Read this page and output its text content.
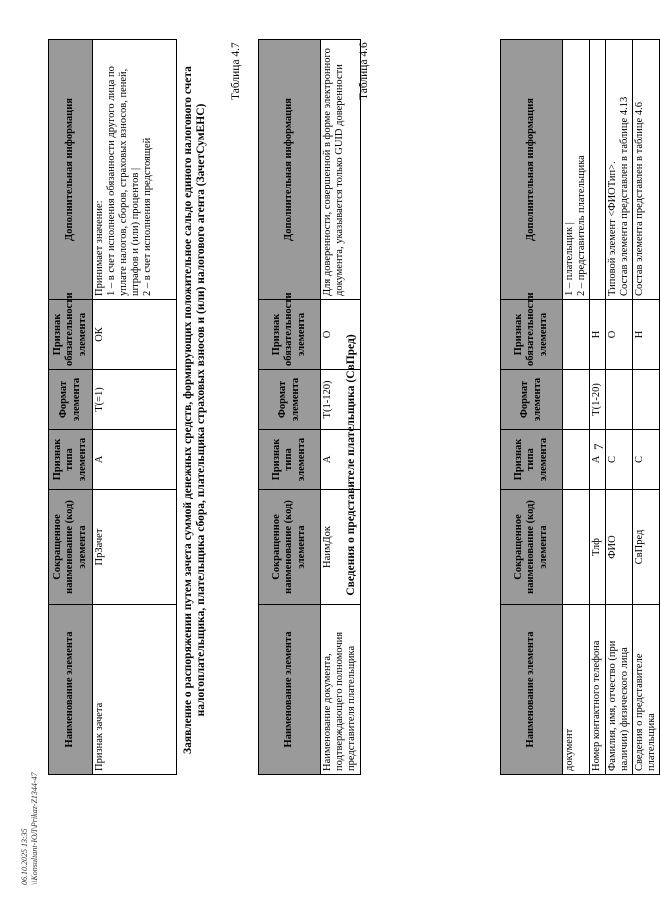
7
Наименование элемента	Сокращенное наименование (код) элемента	Признак типа элемента	Формат элемента	Признак обязательности элемента	Дополнительная информация
документ					1 – плательщик |
2 – представитель плательщика
Номер контактного телефона	Тлф	А	T(1-20)	Н	
Фамилия, имя, отчество (при наличии) физического лица	ФИО	С		О	Типовой элемент <ФИОТип>.
Состав элемента представлен в таблице 4.13
Сведения о представителе плательщика	СвПред	С		Н	Состав элемента представлен в таблице 4.6
Таблица 4.6
Сведения о представителе плательщика (СвПред)
Наименование элемента	Сокращенное наименование (код) элемента	Признак типа элемента	Формат элемента	Признак обязательности элемента	Дополнительная информация
Наименование документа, подтверждающего полномочия представителя плательщика	НаимДок	А	T(1-120)	О	Для доверенности, совершенной в форме электронного документа, указывается только GUID доверенности
Таблица 4.7
Заявление о распоряжении путем зачета суммой денежных средств, формирующих положительное сальдо единого налогового счета налогоплательщика, плательщика сбора, плательщика страховых взносов и (или) налогового агента (ЗачетСумЕНС)
Наименование элемента	Сокращенное наименование (код) элемента	Признак типа элемента	Формат элемента	Признак обязательности элемента	Дополнительная информация
Признак зачета	ПрЗачет	А	T(=1)	ОК	Принимает значение:
1 – в счет исполнения обязанности другого лица по уплате налогов, сборов, страховых взносов, пеней, штрафов и (или) процентов |
2 – в счет исполнения предстоящей
06.10.2025 13:35 \\Konsultant-ЮЛ\Prikaz-Z1344-47
